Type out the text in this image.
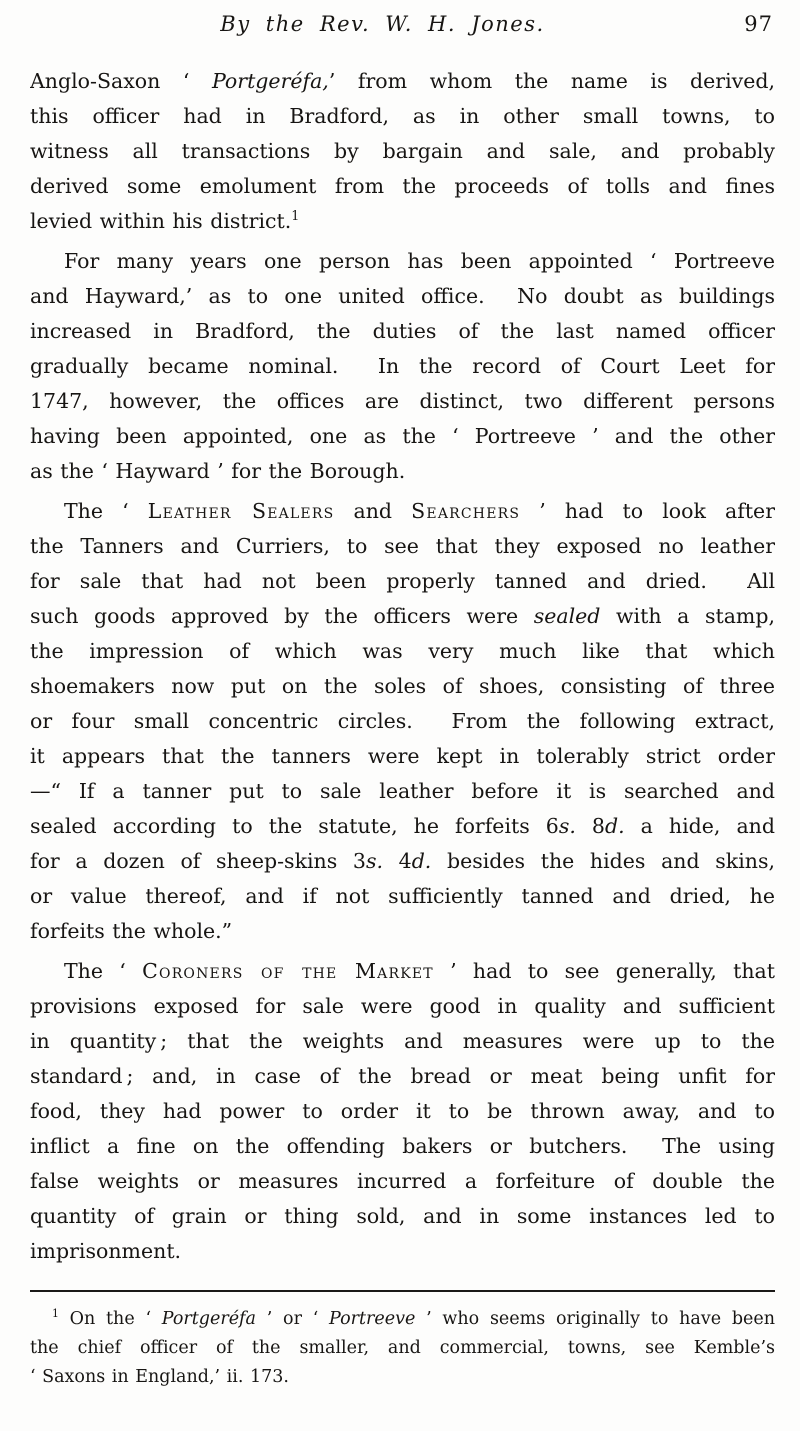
By the Rev. W. H. Jones.	97
Anglo-Saxon ‘ Portgeréfa,’ from whom the name is derived,
this officer had in Bradford, as in other small towns, to
witness all transactions by bargain and sale, and probably
derived some emolument from the proceeds of tolls and fines
levied within his district.$^1$
For many years one person has been appointed ‘ Portreeve
and Hayward,’ as to one united office.  No doubt as buildings
increased in Bradford, the duties of the last named officer
gradually became nominal.  In the record of Court Leet for
1747, however, the offices are distinct, two different persons
having been appointed, one as the ‘ Portreeve ’ and the other
as the ‘ Hayward ’ for the Borough.
The ‘ Leather Sealers and Searchers ’ had to look after
the Tanners and Curriers, to see that they exposed no leather
for sale that had not been properly tanned and dried.  All
such goods approved by the officers were sealed with a stamp,
the impression of which was very much like that which
shoemakers now put on the soles of shoes, consisting of three
or four small concentric circles.  From the following extract,
it appears that the tanners were kept in tolerably strict order
—“ If a tanner put to sale leather before it is searched and
sealed according to the statute, he forfeits 6s. 8d. a hide, and
for a dozen of sheep-skins 3s. 4d. besides the hides and skins,
or value thereof, and if not sufficiently tanned and dried, he
forfeits the whole.”
The ‘ Coroners of the Market ’ had to see generally, that
provisions exposed for sale were good in quality and sufficient
in quantity ; that the weights and measures were up to the
standard ; and, in case of the bread or meat being unfit for
food, they had power to order it to be thrown away, and to
inflict a fine on the offending bakers or butchers.  The using
false weights or measures incurred a forfeiture of double the
quantity of grain or thing sold, and in some instances led to
imprisonment.
$^1$ On the ‘ Portgeréfa ’ or ‘ Portreeve ’ who seems originally to have been
the chief officer of the smaller, and commercial, towns, see Kemble’s
‘ Saxons in England,’ ii. 173.
